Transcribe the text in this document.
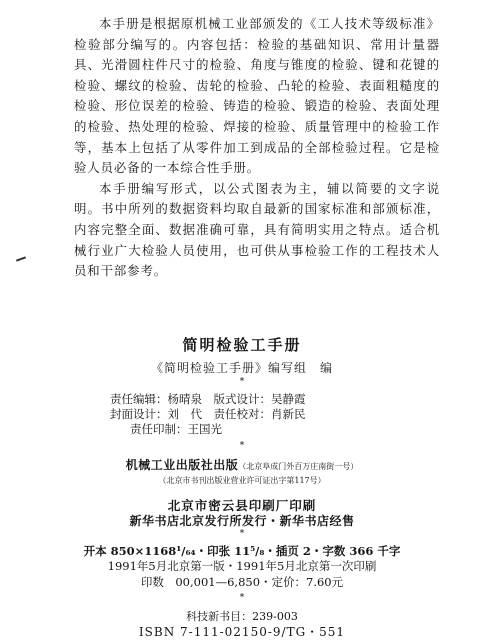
本手册是根据原机械工业部颁发的《工人技术等级标准》检验部分编写的。内容包括：检验的基础知识、常用计量器具、光滑圆柱件尺寸的检验、角度与锥度的检验、键和花键的检验、螺纹的检验、齿轮的检验、凸轮的检验、表面粗糙度的检验、形位误差的检验、铸造的检验、锻造的检验、表面处理的检验、热处理的检验、焊接的检验、质量管理中的检验工作等，基本上包括了从零件加工到成品的全部检验过程。它是检验人员必备的一本综合性手册。

本手册编写形式，以公式图表为主，辅以简要的文字说明。书中所列的数据资料均取自最新的国家标准和部颁标准，内容完整全面、数据准确可靠，具有简明实用之特点。适合机械行业广大检验人员使用，也可供从事检验工作的工程技术人员和干部参考。

简明检验工手册
《简明检验工手册》编写组　编
*
责任编辑：杨晴泉　版式设计：吴静霞
封面设计：刘　代　责任校对：肖新民
责任印制：王国光
*
机械工业出版社出版（北京阜成门外百万庄南街一号）
（北京市书刊出版业营业许可证出字第117号）
北京市密云县印刷厂印刷
新华书店北京发行所发行・新华书店经售
*
开本 850×1168¹/₆₄・印张 11⁵/₈・插页 2・字数 366 千字
1991年5月北京第一版・1991年5月北京第一次印刷
印数　00,001—6,850・定价：7.60元
*
科技新书目：239-003
ISBN 7-111-02150-9/TG・551
